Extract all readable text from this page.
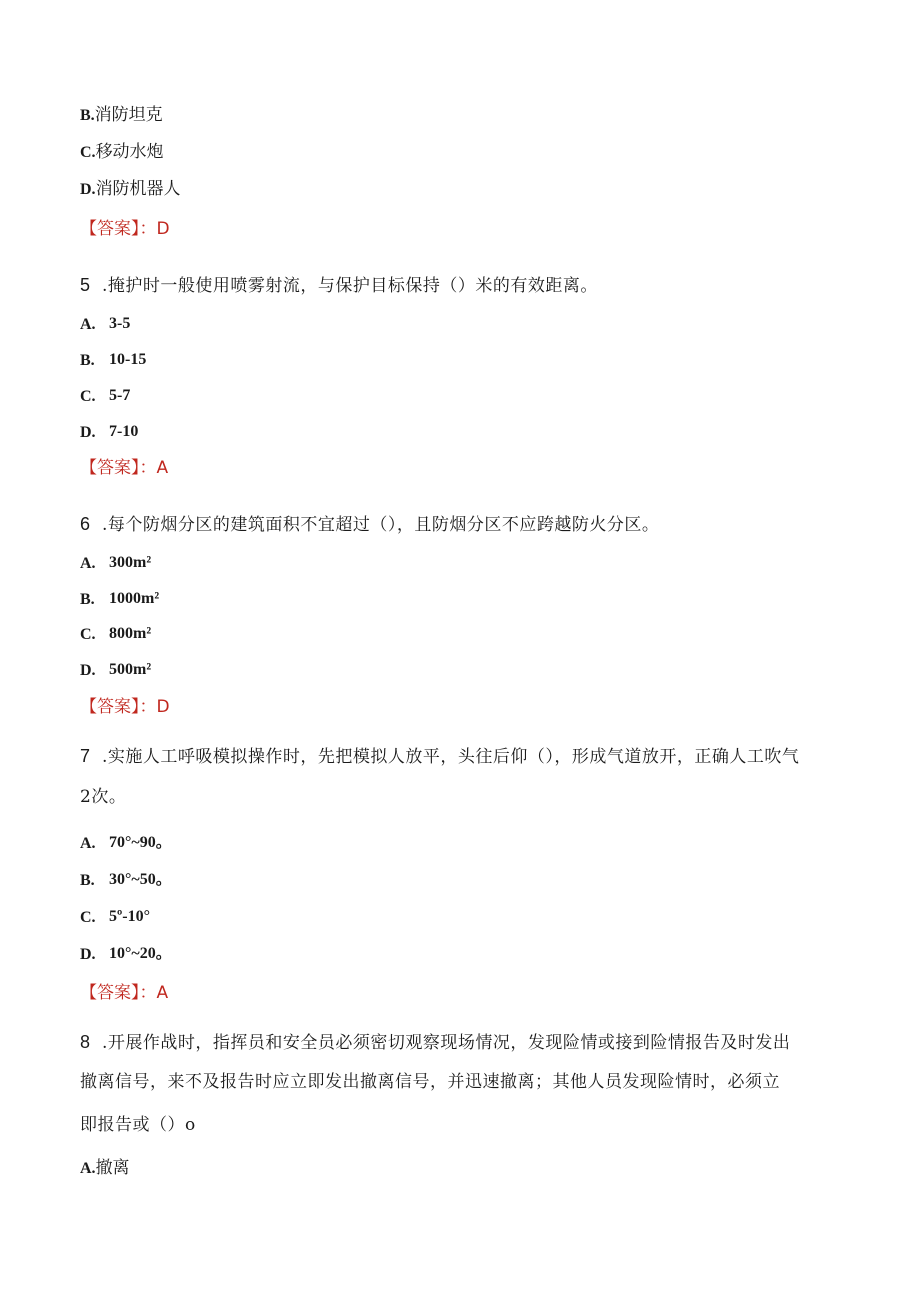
B.消防坦克
C.移动水炮
D.消防机器人
【答案】：D
5 .掩护时一般使用喷雾射流，与保护目标保持（）米的有效距离。
A. 3-5
B. 10-15
C. 5-7
D. 7-10
【答案】：A
6 .每个防烟分区的建筑面积不宜超过（），且防烟分区不应跨越防火分区。
A. 300m²
B. 1000m²
C. 800m²
D. 500m²
【答案】：D
7 .实施人工呼吸模拟操作时，先把模拟人放平，头往后仰（），形成气道放开，正确人工吹气
2次。
A. 70°~90。
B. 30°~50。
C. 5º-10°
D. 10°~20。
【答案】：A
8 .开展作战时，指挥员和安全员必须密切观察现场情况，发现险情或接到险情报告及时发出
撤离信号，来不及报告时应立即发出撤离信号，并迅速撤离；其他人员发现险情时，必须立
即报告或（）o
A.撤离
